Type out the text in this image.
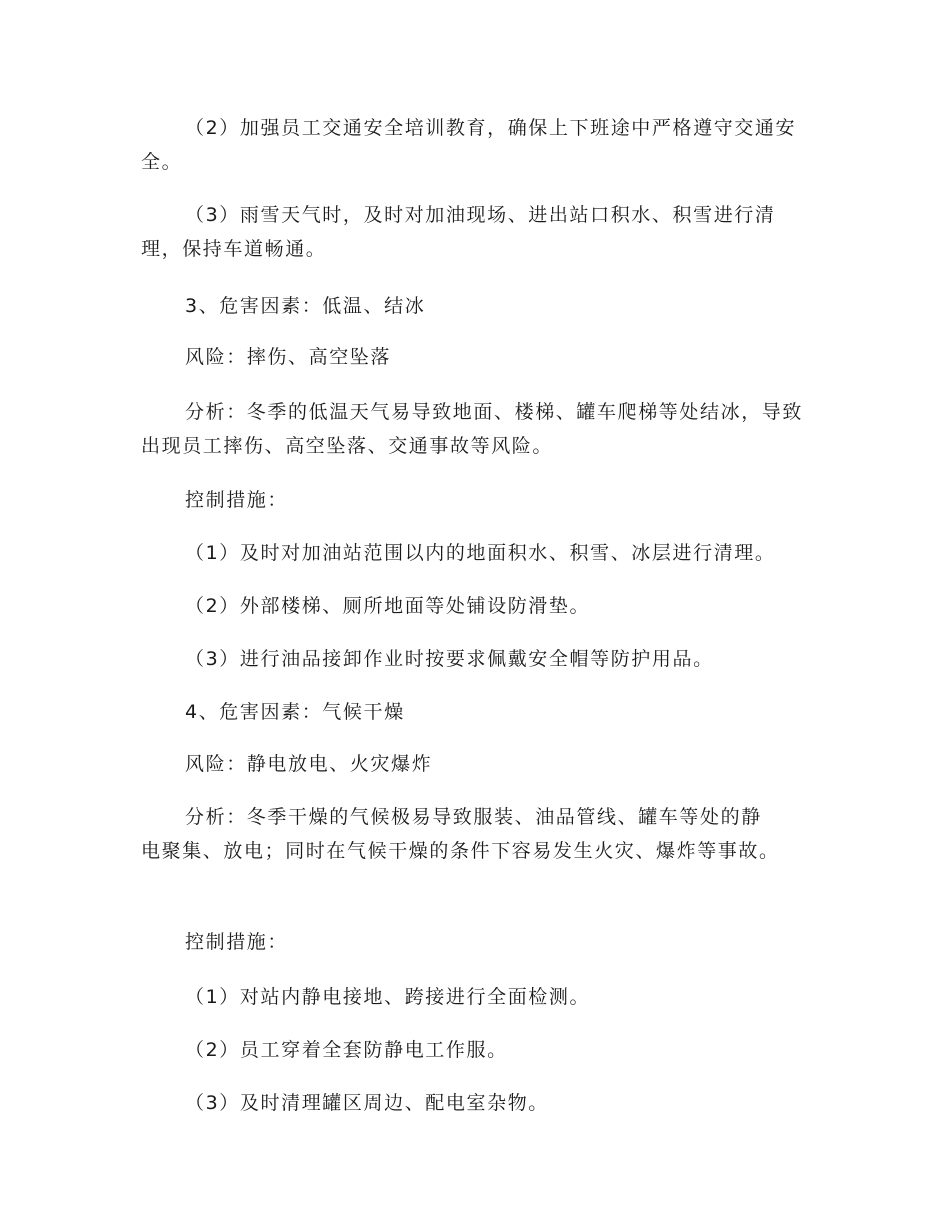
（2）加强员工交通安全培训教育，确保上下班途中严格遵守交通安全。

（3）雨雪天气时，及时对加油现场、进出站口积水、积雪进行清理，保持车道畅通。

3、危害因素：低温、结冰

风险：摔伤、高空坠落

分析：冬季的低温天气易导致地面、楼梯、罐车爬梯等处结冰，导致出现员工摔伤、高空坠落、交通事故等风险。

控制措施：

（1）及时对加油站范围以内的地面积水、积雪、冰层进行清理。

（2）外部楼梯、厕所地面等处铺设防滑垫。

（3）进行油品接卸作业时按要求佩戴安全帽等防护用品。

4、危害因素：气候干燥

风险：静电放电、火灾爆炸

分析：冬季干燥的气候极易导致服装、油品管线、罐车等处的静电聚集、放电；同时在气候干燥的条件下容易发生火灾、爆炸等事故。

控制措施：

（1）对站内静电接地、跨接进行全面检测。

（2）员工穿着全套防静电工作服。

（3）及时清理罐区周边、配电室杂物。
